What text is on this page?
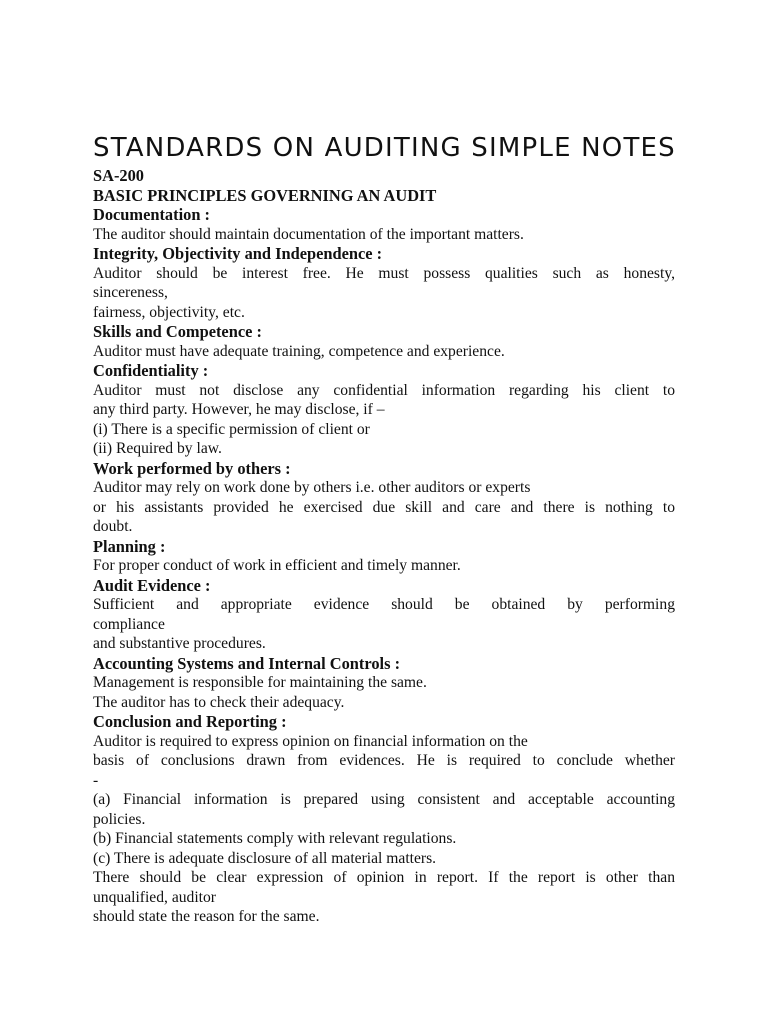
STANDARDS ON AUDITING SIMPLE NOTES
SA-200
BASIC PRINCIPLES GOVERNING AN AUDIT
Documentation :
The auditor should maintain documentation of the important matters.
Integrity, Objectivity and Independence :
Auditor should be interest free. He must possess qualities such as honesty,
sincereness,
fairness, objectivity, etc.
Skills and Competence :
Auditor must have adequate training, competence and experience.
Confidentiality :
Auditor must not disclose any confidential information regarding his client to
any third party. However, he may disclose, if –
(i) There is a specific permission of client or
(ii) Required by law.
Work performed by others :
Auditor may rely on work done by others i.e. other auditors or experts
or his assistants provided he exercised due skill and care and there is nothing to
doubt.
Planning :
For proper conduct of work in efficient and timely manner.
Audit Evidence :
Sufficient and appropriate evidence should be obtained by performing
compliance
and substantive procedures.
Accounting Systems and Internal Controls :
Management is responsible for maintaining the same.
The auditor has to check their adequacy.
Conclusion and Reporting :
Auditor is required to express opinion on financial information on the
basis of conclusions drawn from evidences. He is required to conclude whether
-
(a) Financial information is prepared using consistent and acceptable accounting
policies.
(b) Financial statements comply with relevant regulations.
(c) There is adequate disclosure of all material matters.
There should be clear expression of opinion in report. If the report is other than
unqualified, auditor
should state the reason for the same.
